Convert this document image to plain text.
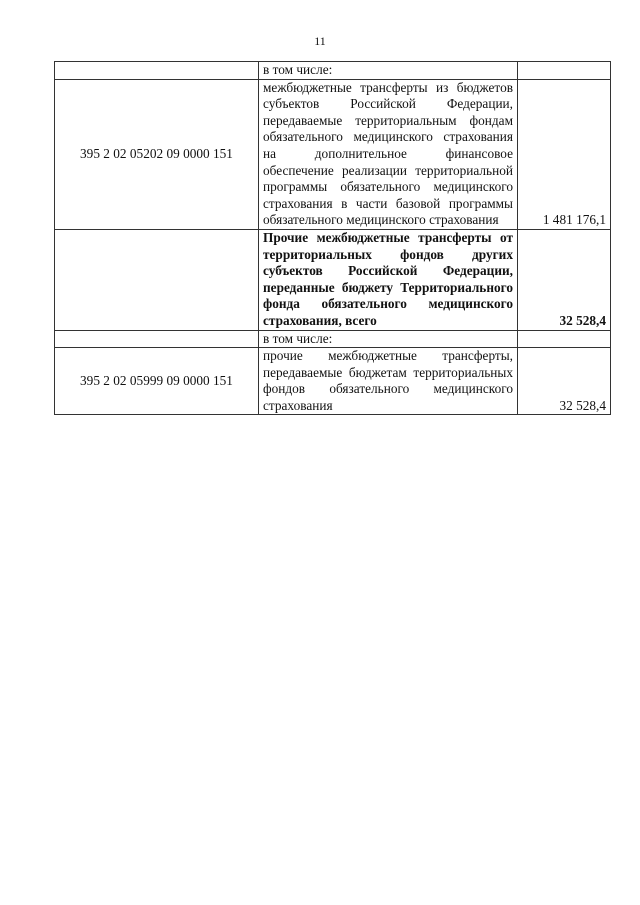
11
	в том числе:	
395 2 02 05202 09 0000 151	межбюджетные трансферты из бюджетов субъектов Российской Федерации, передаваемые территориальным фондам обязательного медицинского страхования на дополнительное финансовое обеспечение реализации территориальной программы обязательного медицинского страхования в части базовой программы обязательного медицинского страхования	1 481 176,1
	Прочие межбюджетные трансферты от территориальных фондов других субъектов Российской Федерации, переданные бюджету Территориального фонда обязательного медицинского страхования, всего	32 528,4
	в том числе:	
395 2 02 05999 09 0000 151	прочие межбюджетные трансферты, передаваемые бюджетам территориальных фондов обязательного медицинского страхования	32 528,4
